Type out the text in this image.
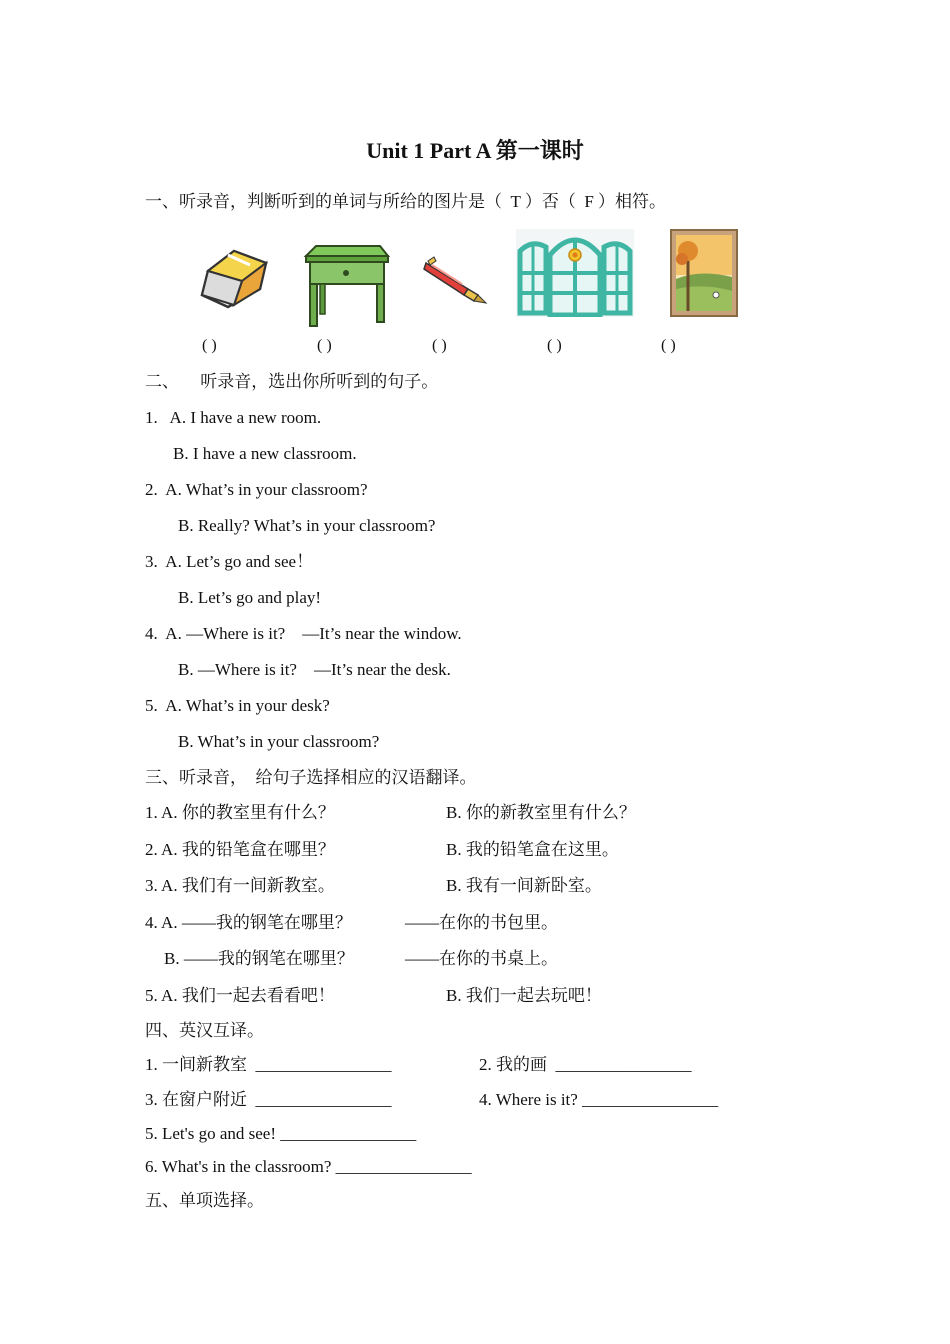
Unit 1 Part A 第一课时

一、听录音，判断听到的单词与所给的图片是（  T ）否（  F ）相符。

( )	( )	( )	( )	( )

二、     听录音，选出你所听到的句子。

1.   A. I have a new room.

B. I have a new classroom.

2.  A. What’s in your classroom?

B. Really? What’s in your classroom?

3.  A. Let’s go and see！

B. Let’s go and play!

4.  A. —Where is it?    —It’s near the window.

B. —Where is it?    —It’s near the desk.

5.  A. What’s in your desk?

B. What’s in your classroom?

三、听录音，  给句子选择相应的汉语翻译。

1. A. 你的教室里有什么？	B. 你的新教室里有什么？

2. A. 我的铅笔盒在哪里？	B. 我的铅笔盒在这里。

3. A. 我们有一间新教室。	B. 我有一间新卧室。

4. A. ——我的钢笔在哪里？	——在你的书包里。

B. ——我的钢笔在哪里？	——在你的书桌上。

5. A. 我们一起去看看吧！	B. 我们一起去玩吧！

四、英汉互译。

1. 一间新教室  ________________	2. 我的画  ________________

3. 在窗户附近  ________________	4. Where is it? ________________

5. Let's go and see! ________________

6. What's in the classroom? ________________

五、单项选择。
